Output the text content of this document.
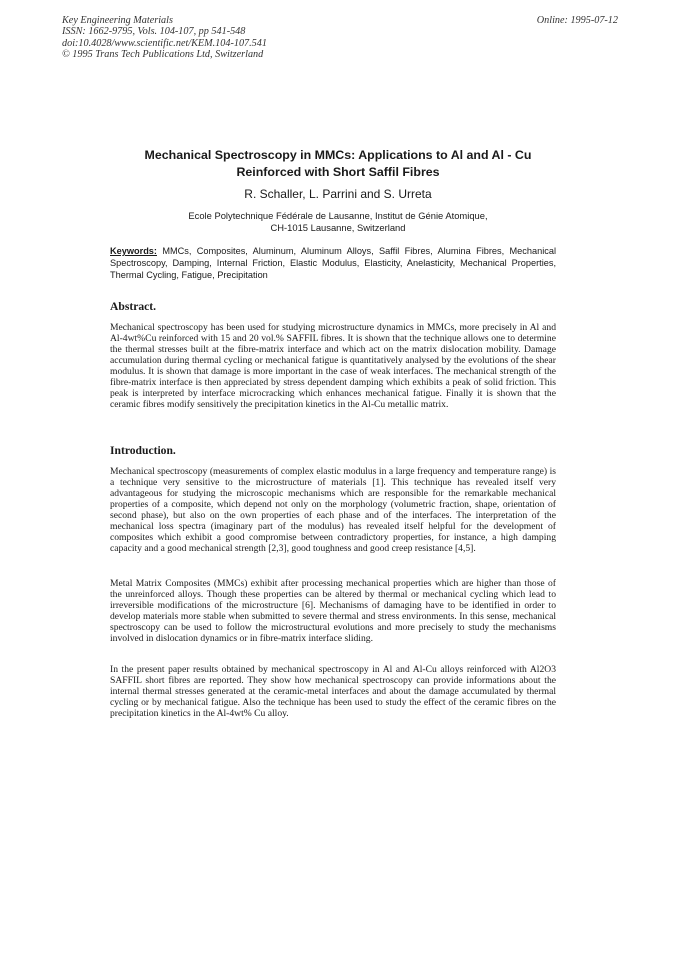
Key Engineering Materials
ISSN: 1662-9795, Vols. 104-107, pp 541-548
doi:10.4028/www.scientific.net/KEM.104-107.541
© 1995 Trans Tech Publications Ltd, Switzerland
Online: 1995-07-12
Mechanical Spectroscopy in MMCs: Applications to Al and Al - Cu
Reinforced with Short Saffil Fibres
R. Schaller, L. Parrini and S. Urreta
Ecole Polytechnique Fédérale de Lausanne, Institut de Génie Atomique,
CH-1015 Lausanne, Switzerland
Keywords: MMCs, Composites, Aluminum, Aluminum Alloys, Saffil Fibres, Alumina Fibres, Mechanical Spectroscopy, Damping, Internal Friction, Elastic Modulus, Elasticity, Anelasticity, Mechanical Properties, Thermal Cycling, Fatigue, Precipitation
Abstract.
Mechanical spectroscopy has been used for studying microstructure dynamics in MMCs, more precisely in Al and Al-4wt%Cu reinforced with 15 and 20 vol.% SAFFIL fibres. It is shown that the technique allows one to determine the thermal stresses built at the fibre-matrix interface and which act on the matrix dislocation mobility. Damage accumulation during thermal cycling or mechanical fatigue is quantitatively analysed by the evolutions of the shear modulus. It is shown that damage is more important in the case of weak interfaces. The mechanical strength of the fibre-matrix interface is then appreciated by stress dependent damping which exhibits a peak of solid friction. This peak is interpreted by interface microcracking which enhances mechanical fatigue. Finally it is shown that the ceramic fibres modify sensitively the precipitation kinetics in the Al-Cu metallic matrix.
Introduction.
Mechanical spectroscopy (measurements of complex elastic modulus in a large frequency and temperature range) is a technique very sensitive to the microstructure of materials [1]. This technique has revealed itself very advantageous for studying the microscopic mechanisms which are responsible for the remarkable mechanical properties of a composite, which depend not only on the morphology (volumetric fraction, shape, orientation of second phase), but also on the own properties of each phase and of the interfaces. The interpretation of the mechanical loss spectra (imaginary part of the modulus) has revealed itself helpful for the development of composites which exhibit a good compromise between contradictory properties, for instance, a high damping capacity and a good mechanical strength [2,3], good toughness and good creep resistance [4,5].
Metal Matrix Composites (MMCs) exhibit after processing mechanical properties which are higher than those of the unreinforced alloys. Though these properties can be altered by thermal or mechanical cycling which lead to irreversible modifications of the microstructure [6]. Mechanisms of damaging have to be identified in order to develop materials more stable when submitted to severe thermal and stress environments. In this sense, mechanical spectroscopy can be used to follow the microstructural evolutions and more precisely to study the mechanisms involved in dislocation dynamics or in fibre-matrix interface sliding.
In the present paper results obtained by mechanical spectroscopy in Al and Al-Cu alloys reinforced with Al2O3 SAFFIL short fibres are reported. They show how mechanical spectroscopy can provide informations about the internal thermal stresses generated at the ceramic-metal interfaces and about the damage accumulated by thermal cycling or by mechanical fatigue. Also the technique has been used to study the effect of the ceramic fibres on the precipitation kinetics in the Al-4wt% Cu alloy.
